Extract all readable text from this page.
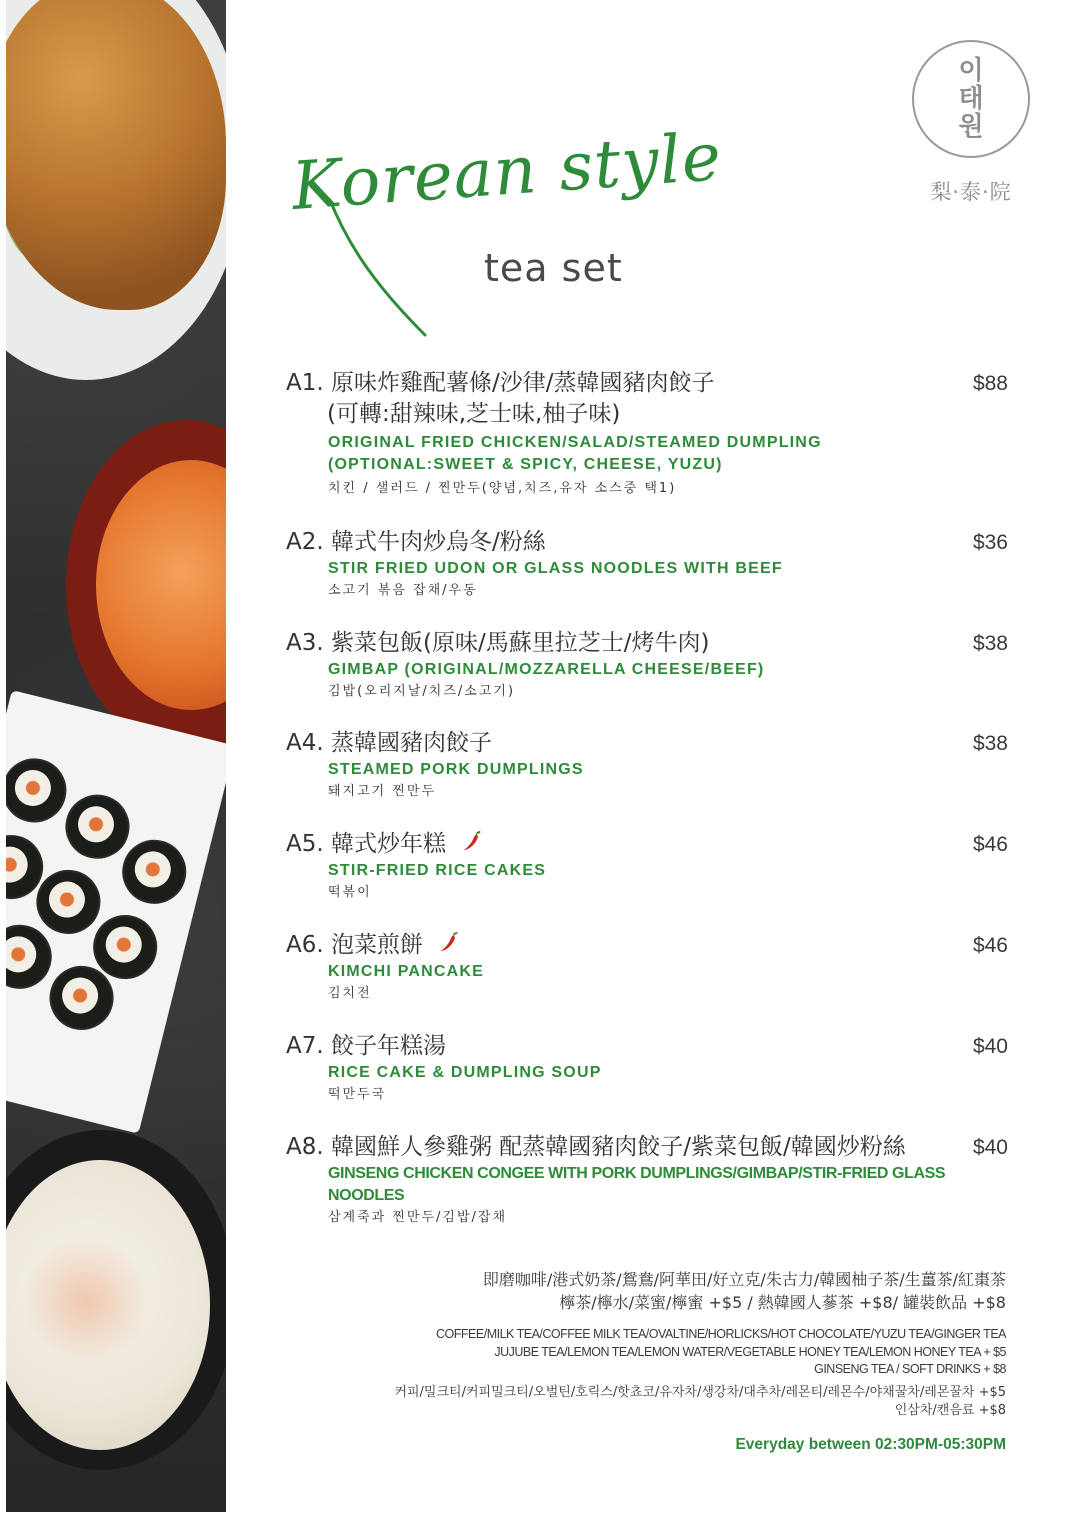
이
태
원
梨·泰·院
Korean style
tea set
A1. 原味炸雞配薯條/沙律/蒸韓國豬肉餃子	$88
(可轉:甜辣味,芝士味,柚子味)
ORIGINAL FRIED CHICKEN/SALAD/STEAMED DUMPLING
(OPTIONAL:SWEET & SPICY, CHEESE, YUZU)
치킨 / 샐러드 / 찐만두(양념,치즈,유자 소스중 택1)
A2. 韓式牛肉炒烏冬/粉絲	$36
STIR FRIED UDON OR GLASS NOODLES WITH BEEF
소고기 볶음 잡채/우동
A3. 紫菜包飯(原味/馬蘇里拉芝士/烤牛肉)	$38
GIMBAP (ORIGINAL/MOZZARELLA CHEESE/BEEF)
김밥(오리지날/치즈/소고기)
A4. 蒸韓國豬肉餃子	$38
STEAMED PORK DUMPLINGS
돼지고기 찐만두
A5. 韓式炒年糕	$46
STIR-FRIED RICE CAKES
떡볶이
A6. 泡菜煎餅	$46
KIMCHI PANCAKE
김치전
A7. 餃子年糕湯	$40
RICE CAKE & DUMPLING SOUP
떡만두국
A8. 韓國鮮人參雞粥 配蒸韓國豬肉餃子/紫菜包飯/韓國炒粉絲	$40
GINSENG CHICKEN CONGEE WITH PORK DUMPLINGS/GIMBAP/STIR-FRIED GLASS NOODLES
삼계죽과 찐만두/김밥/잡채
即磨咖啡/港式奶茶/鴛鴦/阿華田/好立克/朱古力/韓國柚子茶/生薑茶/紅棗茶
檸茶/檸水/菜蜜/檸蜜 +$5 / 熱韓國人蔘茶 +$8/ 罐裝飲品 +$8
COFFEE/MILK TEA/COFFEE MILK TEA/OVALTINE/HORLICKS/HOT CHOCOLATE/YUZU TEA/GINGER TEA
JUJUBE TEA/LEMON TEA/LEMON WATER/VEGETABLE HONEY TEA/LEMON HONEY TEA + $5
GINSENG TEA / SOFT DRINKS + $8
커피/밀크티/커피밀크티/오벌틴/호릭스/핫쵸코/유자차/생강차/대추차/레몬티/레몬수/야채꿀차/레몬꿀차 +$5
인삼차/캔음료 +$8
Everyday between 02:30PM-05:30PM
